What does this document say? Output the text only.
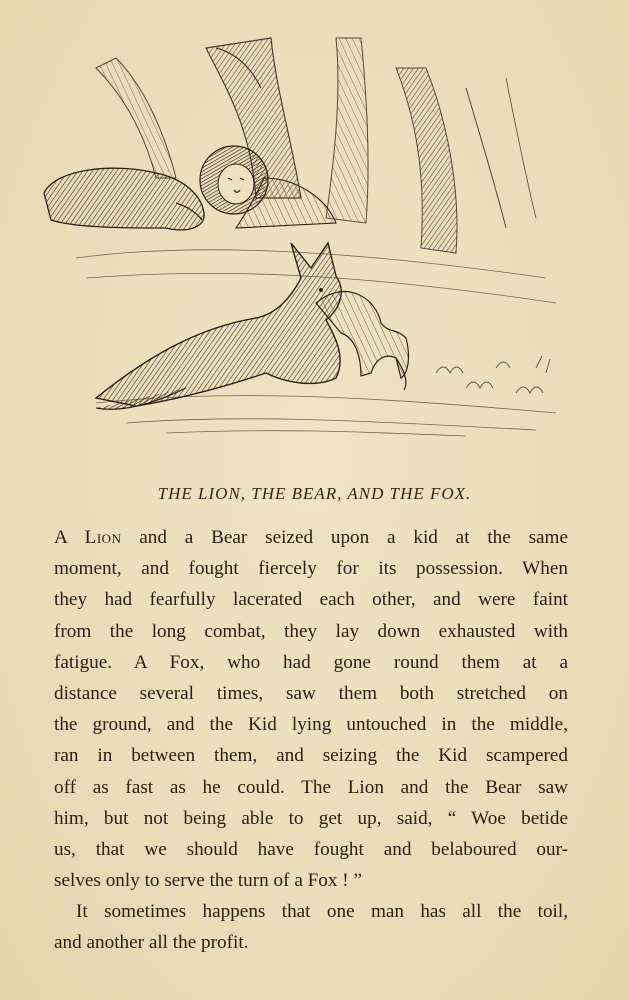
THE LION, THE BEAR, AND THE FOX.
A Lion and a Bear seized upon a kid at the same
moment, and fought fiercely for its possession. When
they had fearfully lacerated each other, and were faint
from the long combat, they lay down exhausted with
fatigue. A Fox, who had gone round them at a
distance several times, saw them both stretched on
the ground, and the Kid lying untouched in the middle,
ran in between them, and seizing the Kid scampered
off as fast as he could. The Lion and the Bear saw
him, but not being able to get up, said, “ Woe betide
us, that we should have fought and belaboured our-
selves only to serve the turn of a Fox ! ”
It sometimes happens that one man has all the toil,
and another all the profit.
